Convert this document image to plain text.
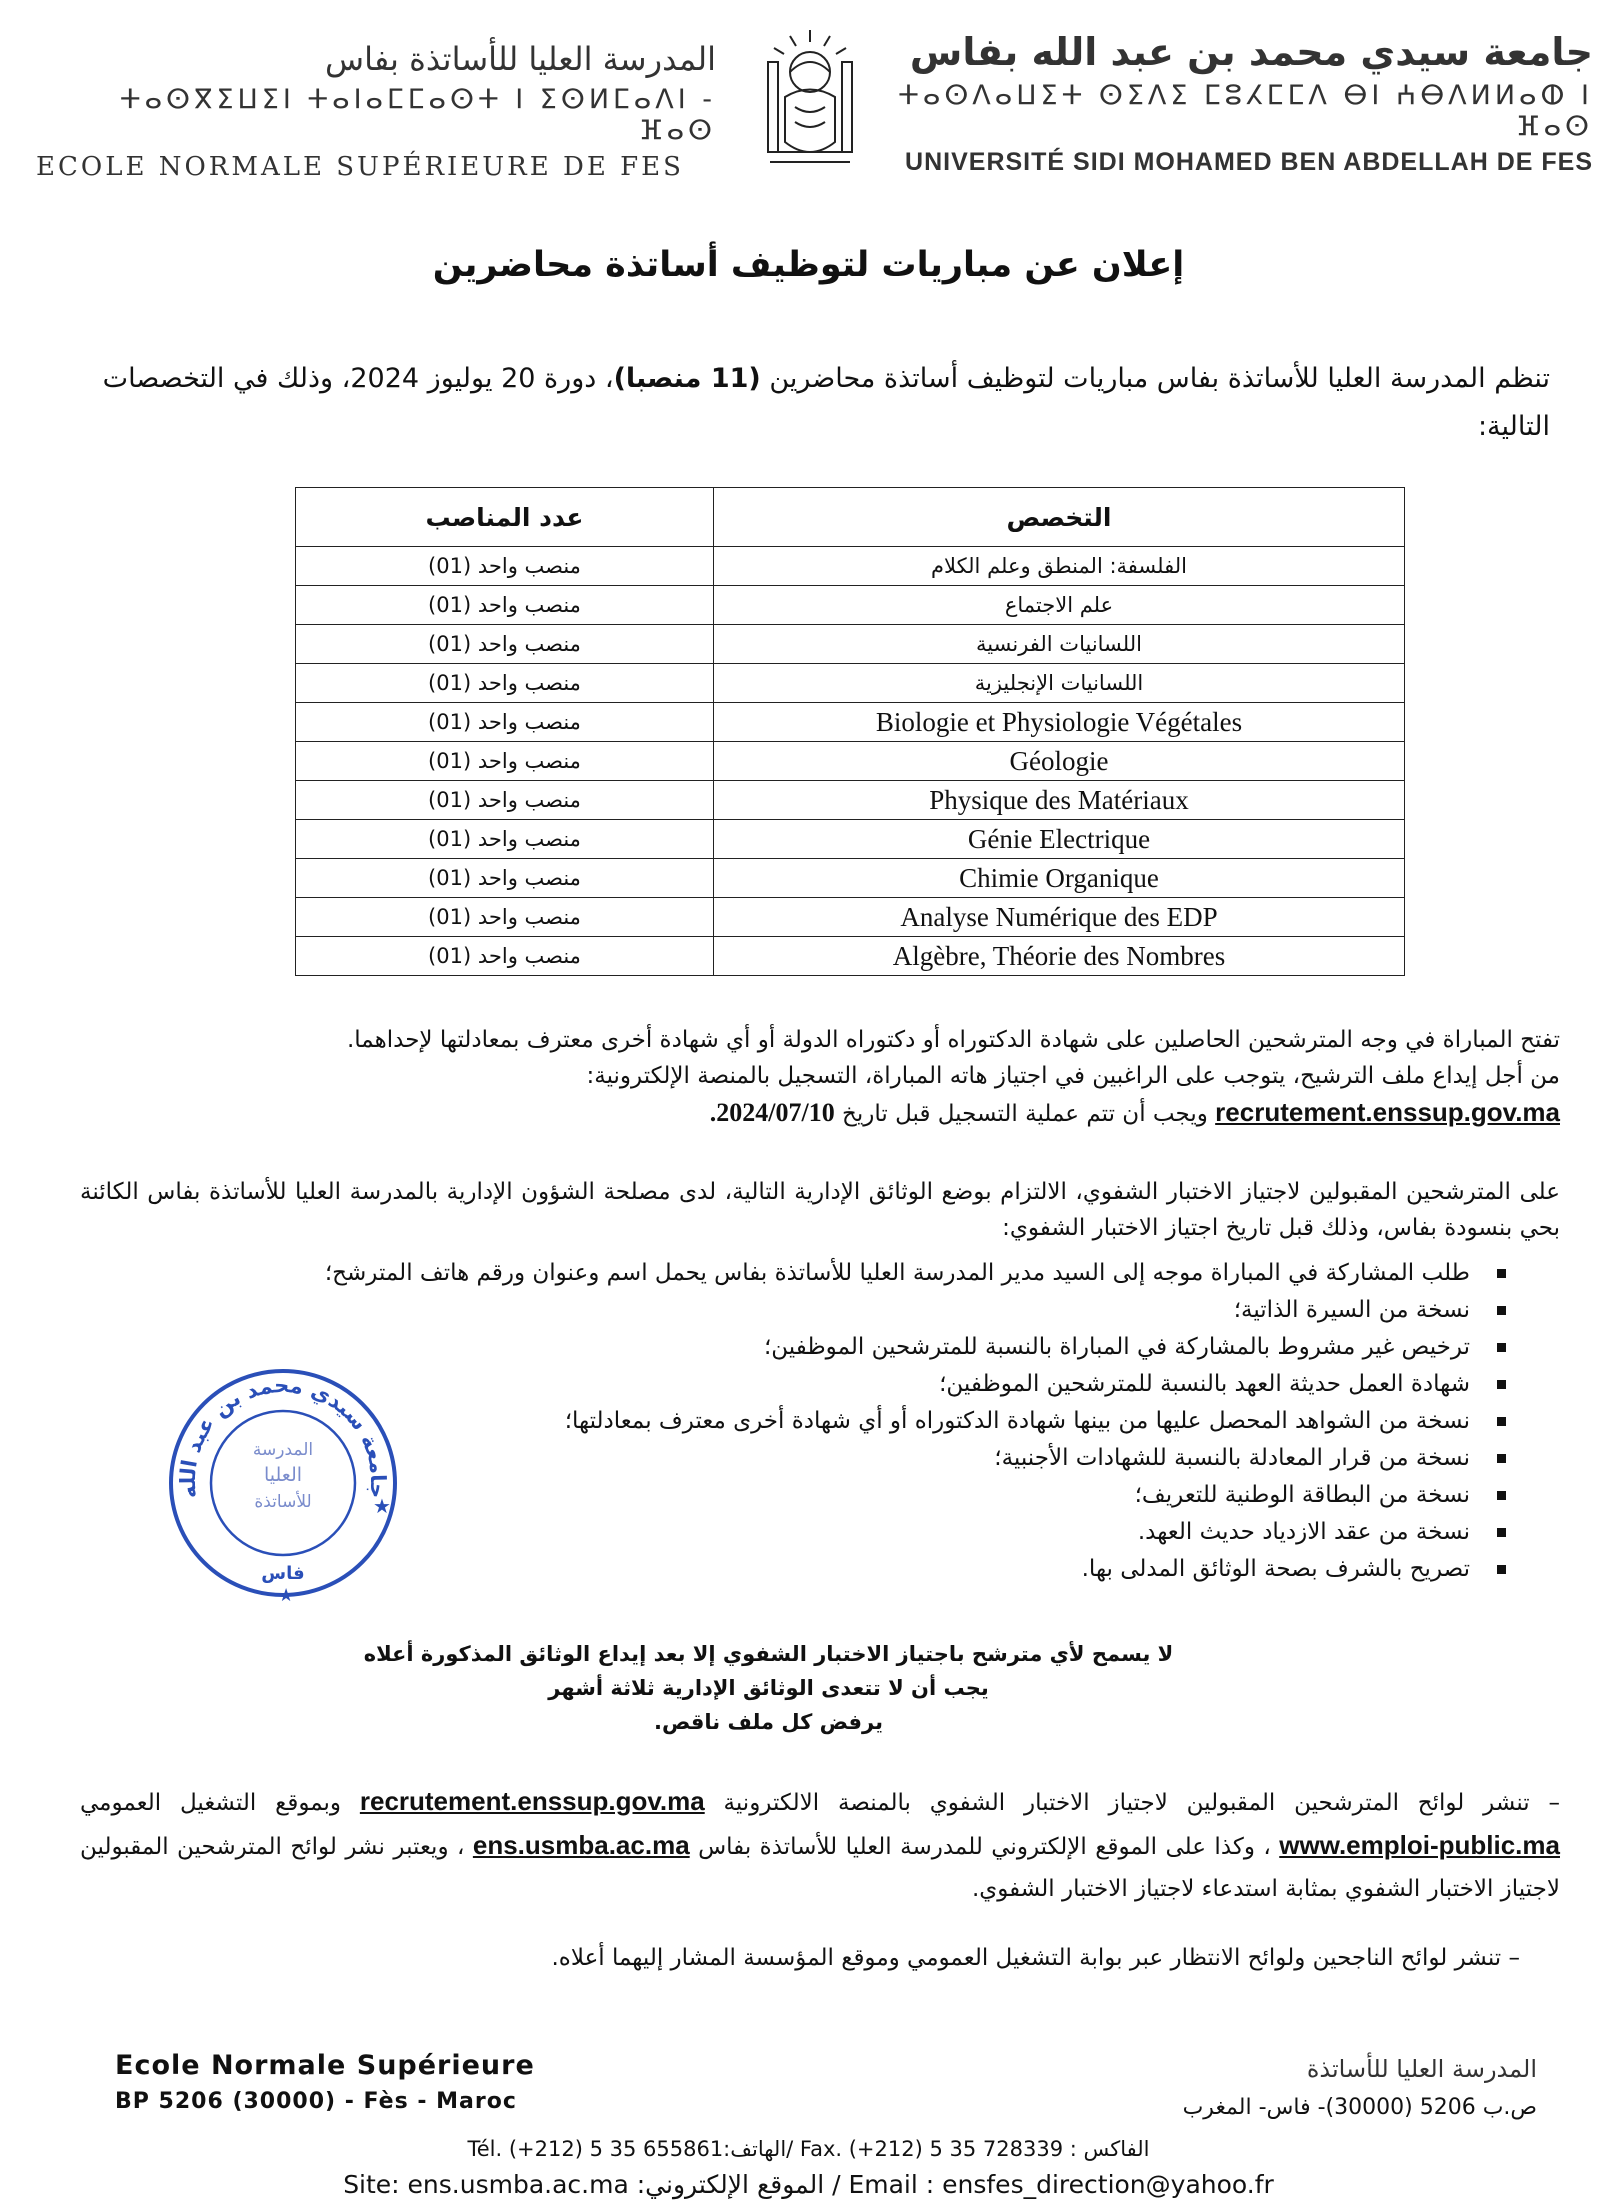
المدرسة العليا للأساتذة بفاس
ⵜⴰⵙⴳⵉⵡⵉⵏ ⵜⴰⵏⴰⵎⵎⴰⵙⵜ ⵏ ⵉⵙⵍⵎⴰⴷⵏ - ⴼⴰⵙ
ECOLE NORMALE SUPÉRIEURE DE FES
جامعة سيدي محمد بن عبد الله بفاس
ⵜⴰⵙⴷⴰⵡⵉⵜ ⵙⵉⴷⵉ ⵎⵓⵃⵎⵎⴷ ⴱⵏ ⵄⴱⴷⵍⵍⴰⵀ ⵏ ⴼⴰⵙ
UNIVERSITÉ SIDI MOHAMED BEN ABDELLAH DE FES
إعلان عن مباريات لتوظيف أساتذة محاضرين
تنظم المدرسة العليا للأساتذة بفاس مباريات لتوظيف أساتذة محاضرين (11 منصبا)، دورة 20 يوليوز 2024، وذلك في التخصصات التالية:
التخصص	عدد المناصب
الفلسفة: المنطق وعلم الكلام	منصب واحد (01)
علم الاجتماع	منصب واحد (01)
اللسانيات الفرنسية	منصب واحد (01)
اللسانيات الإنجليزية	منصب واحد (01)
Biologie et Physiologie Végétales	منصب واحد (01)
Géologie	منصب واحد (01)
Physique des Matériaux	منصب واحد (01)
Génie Electrique	منصب واحد (01)
Chimie Organique	منصب واحد (01)
Analyse Numérique des EDP	منصب واحد (01)
Algèbre, Théorie des Nombres	منصب واحد (01)
تفتح المباراة في وجه المترشحين الحاصلين على شهادة الدكتوراه أو دكتوراه الدولة أو أي شهادة أخرى معترف بمعادلتها لإحداهما.
من أجل إيداع ملف الترشيح، يتوجب على الراغبين في اجتياز هاته المباراة، التسجيل بالمنصة الإلكترونية:
recrutement.enssup.gov.ma ويجب أن تتم عملية التسجيل قبل تاريخ 2024/07/10.
على المترشحين المقبولين لاجتياز الاختبار الشفوي، الالتزام بوضع الوثائق الإدارية التالية، لدى مصلحة الشؤون الإدارية بالمدرسة العليا للأساتذة بفاس الكائنة بحي بنسودة بفاس، وذلك قبل تاريخ اجتياز الاختبار الشفوي:
طلب المشاركة في المباراة موجه إلى السيد مدير المدرسة العليا للأساتذة بفاس يحمل اسم وعنوان ورقم هاتف المترشح؛
نسخة من السيرة الذاتية؛
ترخيص غير مشروط بالمشاركة في المباراة بالنسبة للمترشحين الموظفين؛
شهادة العمل حديثة العهد بالنسبة للمترشحين الموظفين؛
نسخة من الشواهد المحصل عليها من بينها شهادة الدكتوراه أو أي شهادة أخرى معترف بمعادلتها؛
نسخة من قرار المعادلة بالنسبة للشهادات الأجنبية؛
نسخة من البطاقة الوطنية للتعريف؛
نسخة من عقد الازدياد حديث العهد.
تصريح بالشرف بصحة الوثائق المدلى بها.
جامعة سيدي محمد بن عبد الله
المدرسة
العليا
للأساتذة
فاس
★
★
لا يسمح لأي مترشح باجتياز الاختبار الشفوي إلا بعد إيداع الوثائق المذكورة أعلاه
يجب أن لا تتعدى الوثائق الإدارية ثلاثة أشهر
يرفض كل ملف ناقص.
– تنشر لوائح المترشحين المقبولين لاجتياز الاختبار الشفوي بالمنصة الالكترونية recrutement.enssup.gov.ma وبموقع التشغيل العمومي www.emploi-public.ma ، وكذا على الموقع الإلكتروني للمدرسة العليا للأساتذة بفاس ens.usmba.ac.ma ، ويعتبر نشر لوائح المترشحين المقبولين لاجتياز الاختبار الشفوي بمثابة استدعاء لاجتياز الاختبار الشفوي.
– تنشر لوائح الناجحين ولوائح الانتظار عبر بوابة التشغيل العمومي وموقع المؤسسة المشار إليهما أعلاه.
Ecole Normale Supérieure
BP 5206 (30000) - Fès - Maroc
المدرسة العليا للأساتذة
ص.ب 5206 (30000)- فاس- المغرب
Tél. (+212) 5 35 655861:الهاتف/ Fax. (+212) 5 35 728339 : الفاكس
Site: ens.usmba.ac.ma :الموقع الإلكتروني / Email : ensfes_direction@yahoo.fr
